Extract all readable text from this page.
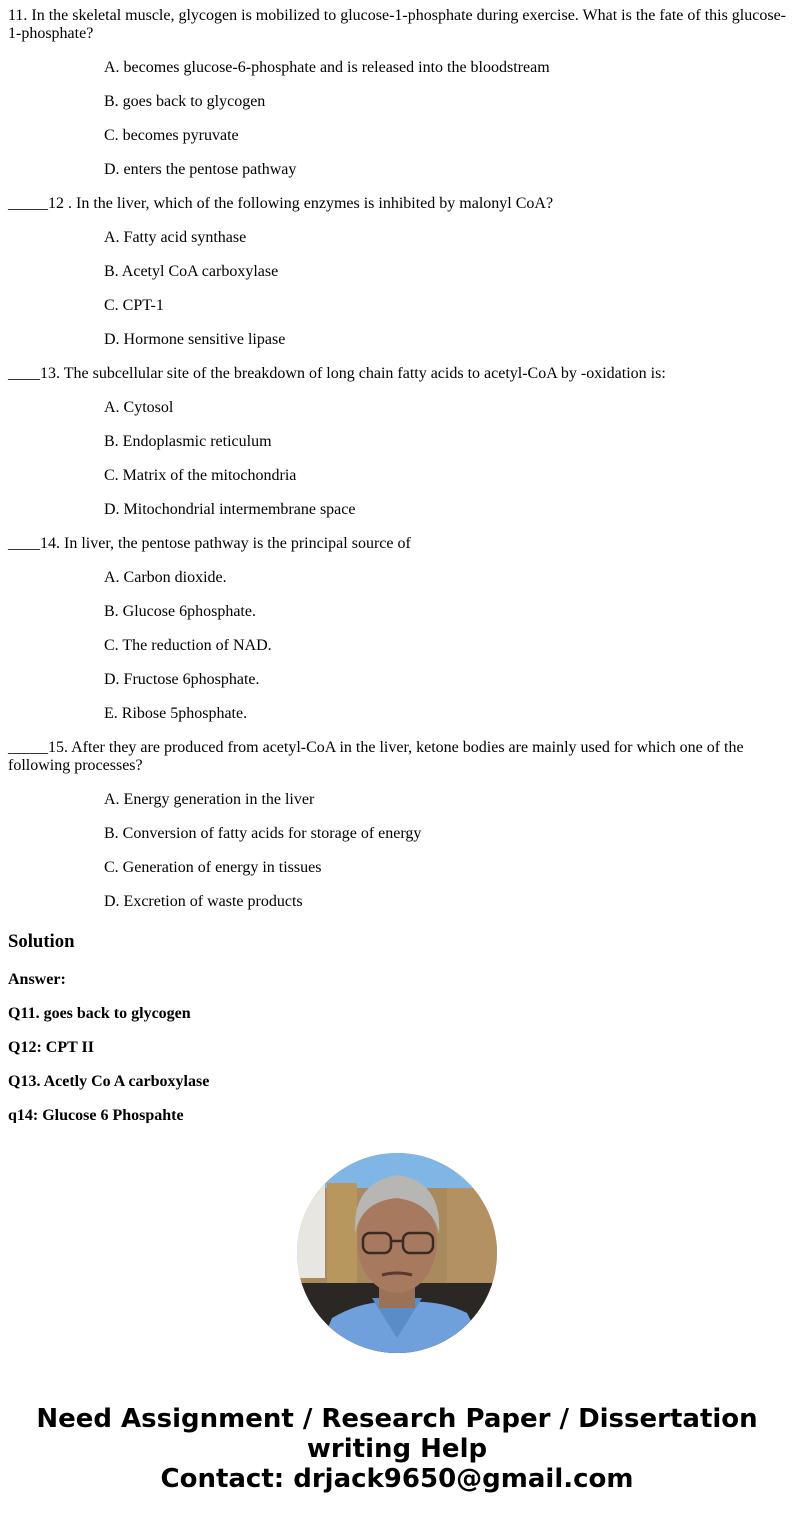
11. In the skeletal muscle, glycogen is mobilized to glucose-1-phosphate during exercise. What is the fate of this glucose-1-phosphate?

A. becomes glucose-6-phosphate and is released into the bloodstream

B. goes back to glycogen

C. becomes pyruvate

D. enters the pentose pathway

_____12 . In the liver, which of the following enzymes is inhibited by malonyl CoA?

A. Fatty acid synthase

B. Acetyl CoA carboxylase

C. CPT-1

D. Hormone sensitive lipase

____13. The subcellular site of the breakdown of long chain fatty acids to acetyl-CoA by -oxidation is:

A. Cytosol

B. Endoplasmic reticulum

C. Matrix of the mitochondria

D. Mitochondrial intermembrane space

____14. In liver, the pentose pathway is the principal source of

A. Carbon dioxide.

B. Glucose 6phosphate.

C. The reduction of NAD.

D. Fructose 6phosphate.

E. Ribose 5phosphate.

_____15. After they are produced from acetyl-CoA in the liver, ketone bodies are mainly used for which one of the following processes?

A. Energy generation in the liver

B. Conversion of fatty acids for storage of energy

C. Generation of energy in tissues

D. Excretion of waste products

Solution

Answer:

Q11. goes back to glycogen

Q12: CPT II

Q13. Acetly Co A carboxylase

q14: Glucose 6 Phospahte

Need Assignment / Research Paper / Dissertation
writing Help
Contact: drjack9650@gmail.com
